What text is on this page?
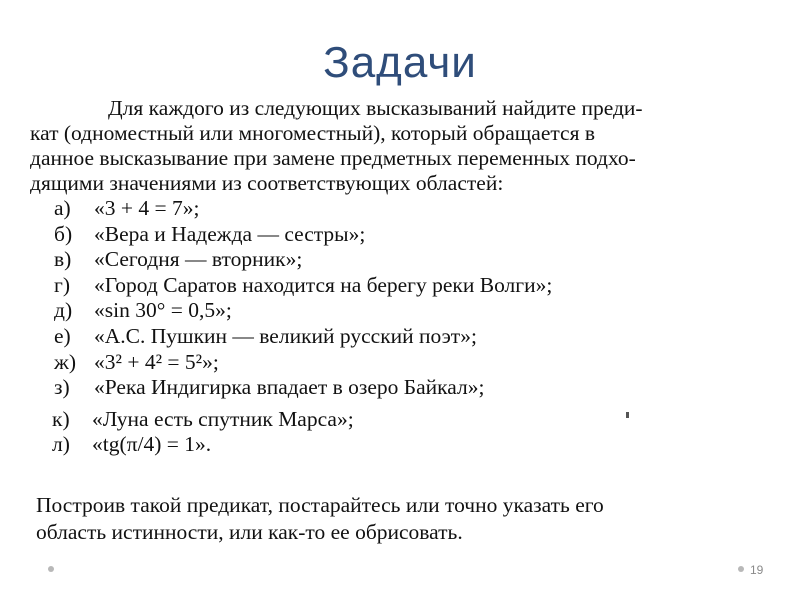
Задачи
Для каждого из следующих высказываний найдите преди-
кат (одноместный или многоместный), который обращается в
данное высказывание при замене предметных переменных подхо-
дящими значениями из соответствующих областей:
а) «3 + 4 = 7»;
б) «Вера и Надежда — сестры»;
в) «Сегодня — вторник»;
г) «Город Саратов находится на берегу реки Волги»;
д) «sin 30° = 0,5»;
е) «А.С. Пушкин — великий русский поэт»;
ж) «3² + 4² = 5²»;
з) «Река Индигирка впадает в озеро Байкал»;
к) «Луна есть спутник Марса»;
л) «tg(π/4) = 1».
Построив такой предикат, постарайтесь или точно указать его
область истинности, или как-то ее обрисовать.
19
